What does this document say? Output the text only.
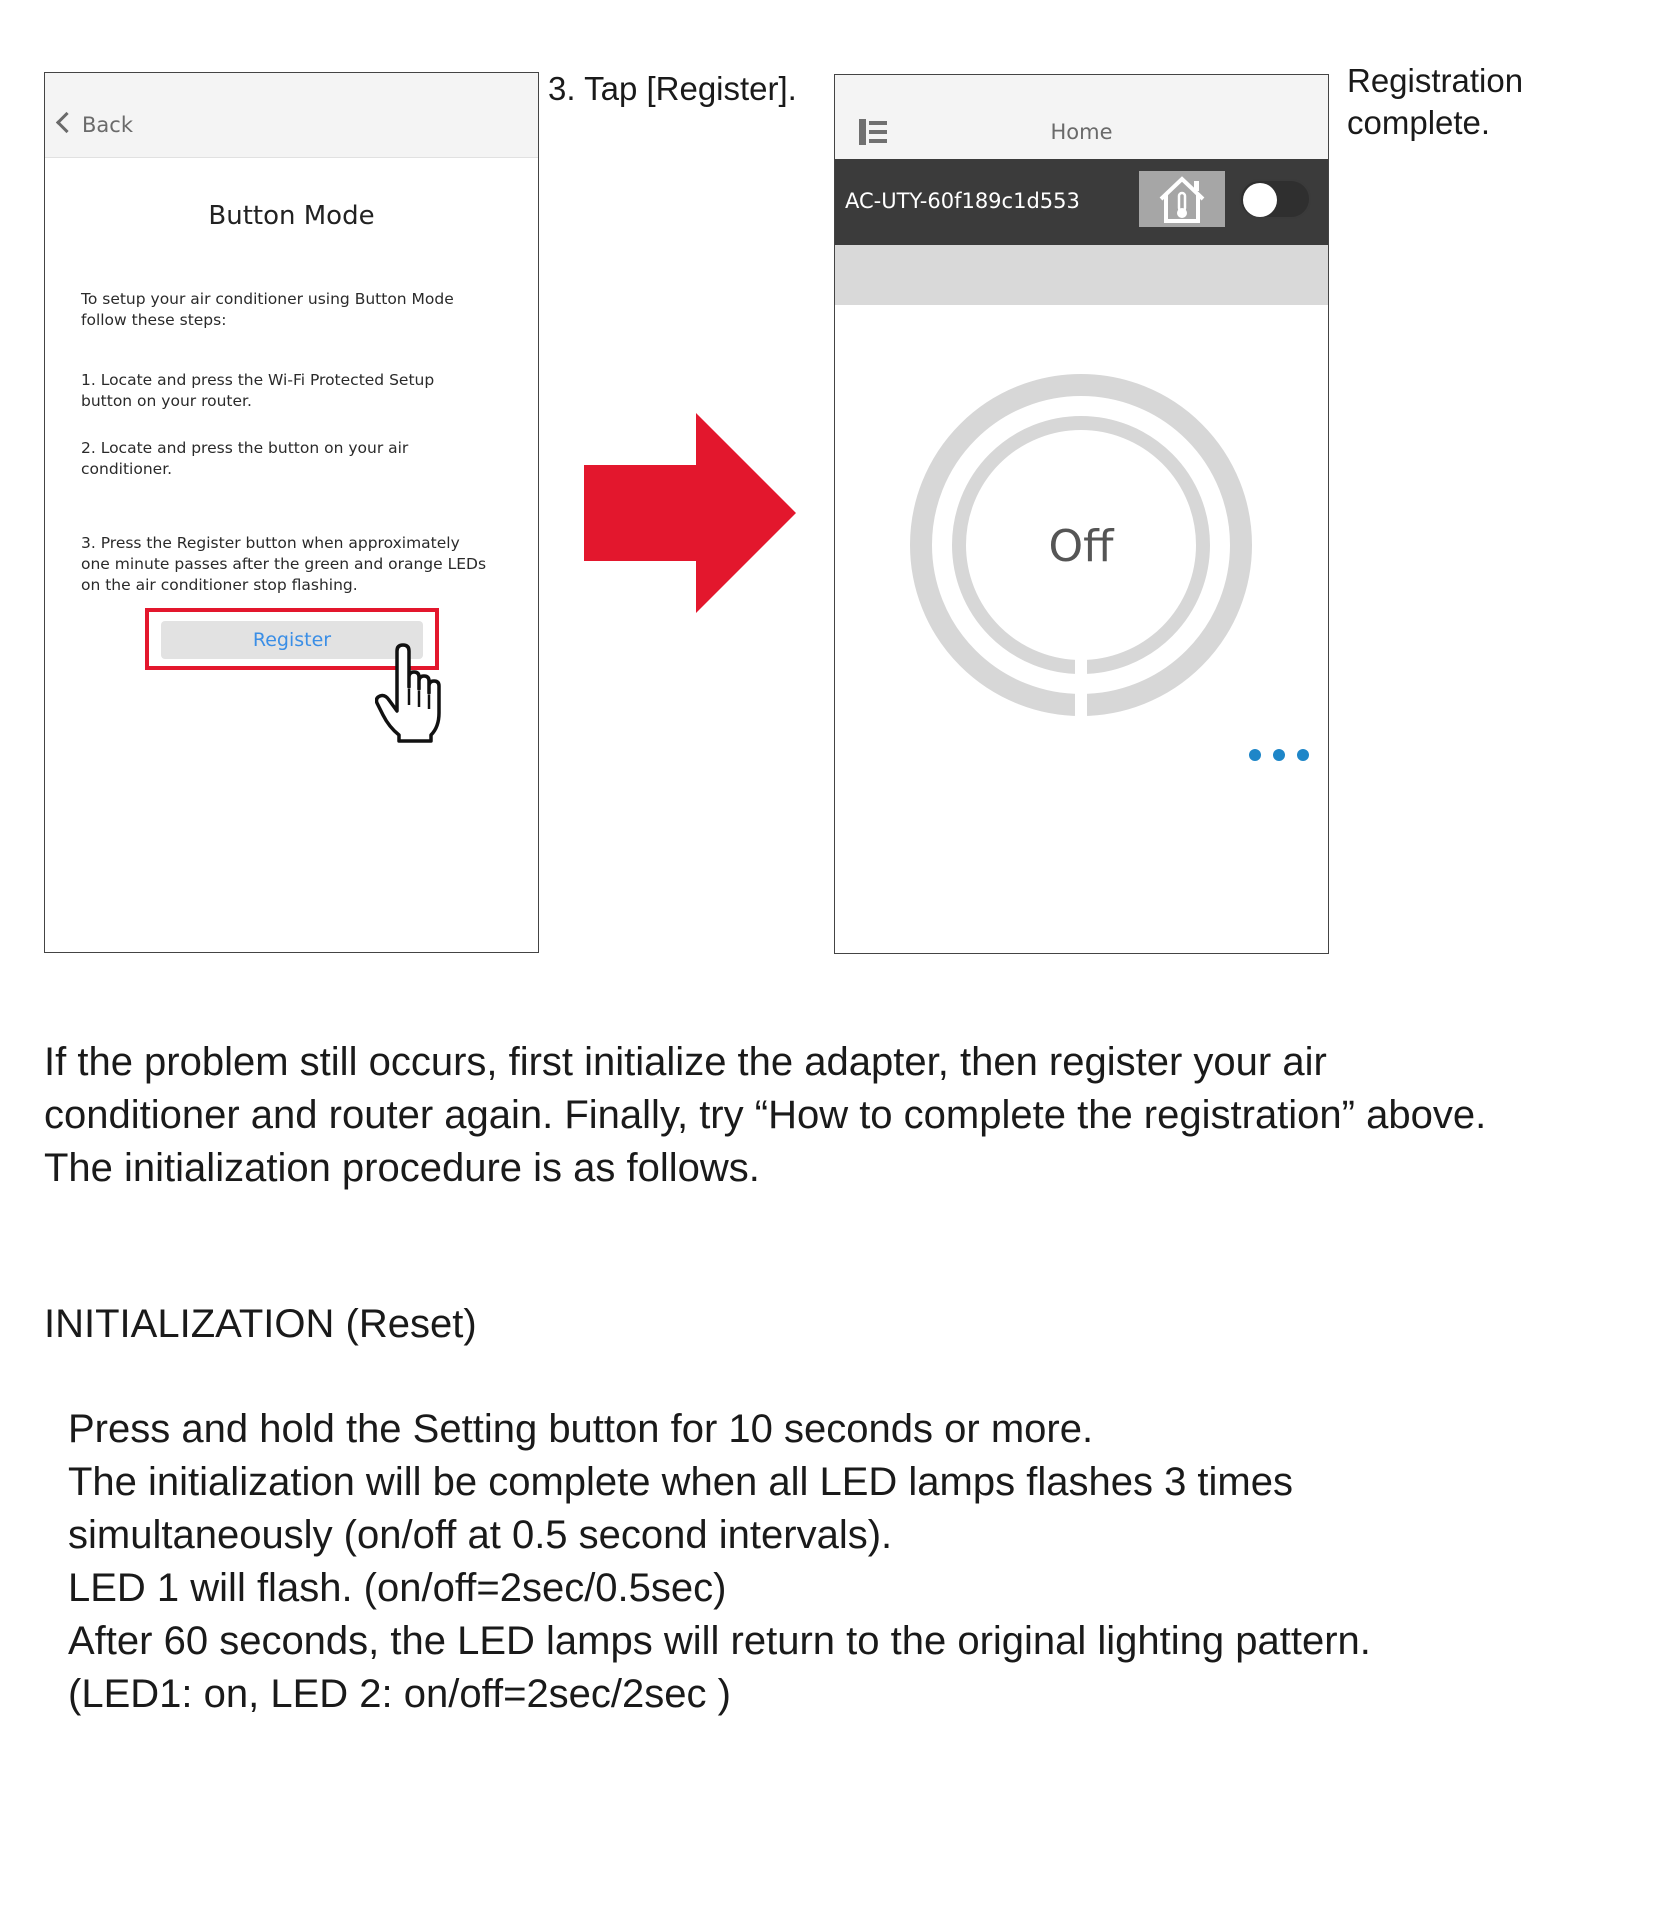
Back
Button Mode
To setup your air conditioner using Button Mode
follow these steps:
1. Locate and press the Wi-Fi Protected Setup
button on your router.
2. Locate and press the button on your air
conditioner.
3. Press the Register button when approximately
one minute passes after the green and orange LEDs
on the air conditioner stop flashing.
Register
3. Tap [Register].
Home
AC-UTY-60f189c1d553
Off
Registration
complete.
If the problem still occurs, first initialize the adapter, then register your air
conditioner and router again. Finally, try “How to complete the registration” above.
The initialization procedure is as follows.
INITIALIZATION (Reset)
Press and hold the Setting button for 10 seconds or more.
The initialization will be complete when all LED lamps flashes 3 times
simultaneously (on/off at 0.5 second intervals).
LED 1 will flash. (on/off=2sec/0.5sec)
After 60 seconds, the LED lamps will return to the original lighting pattern.
(LED1: on, LED 2: on/off=2sec/2sec )
